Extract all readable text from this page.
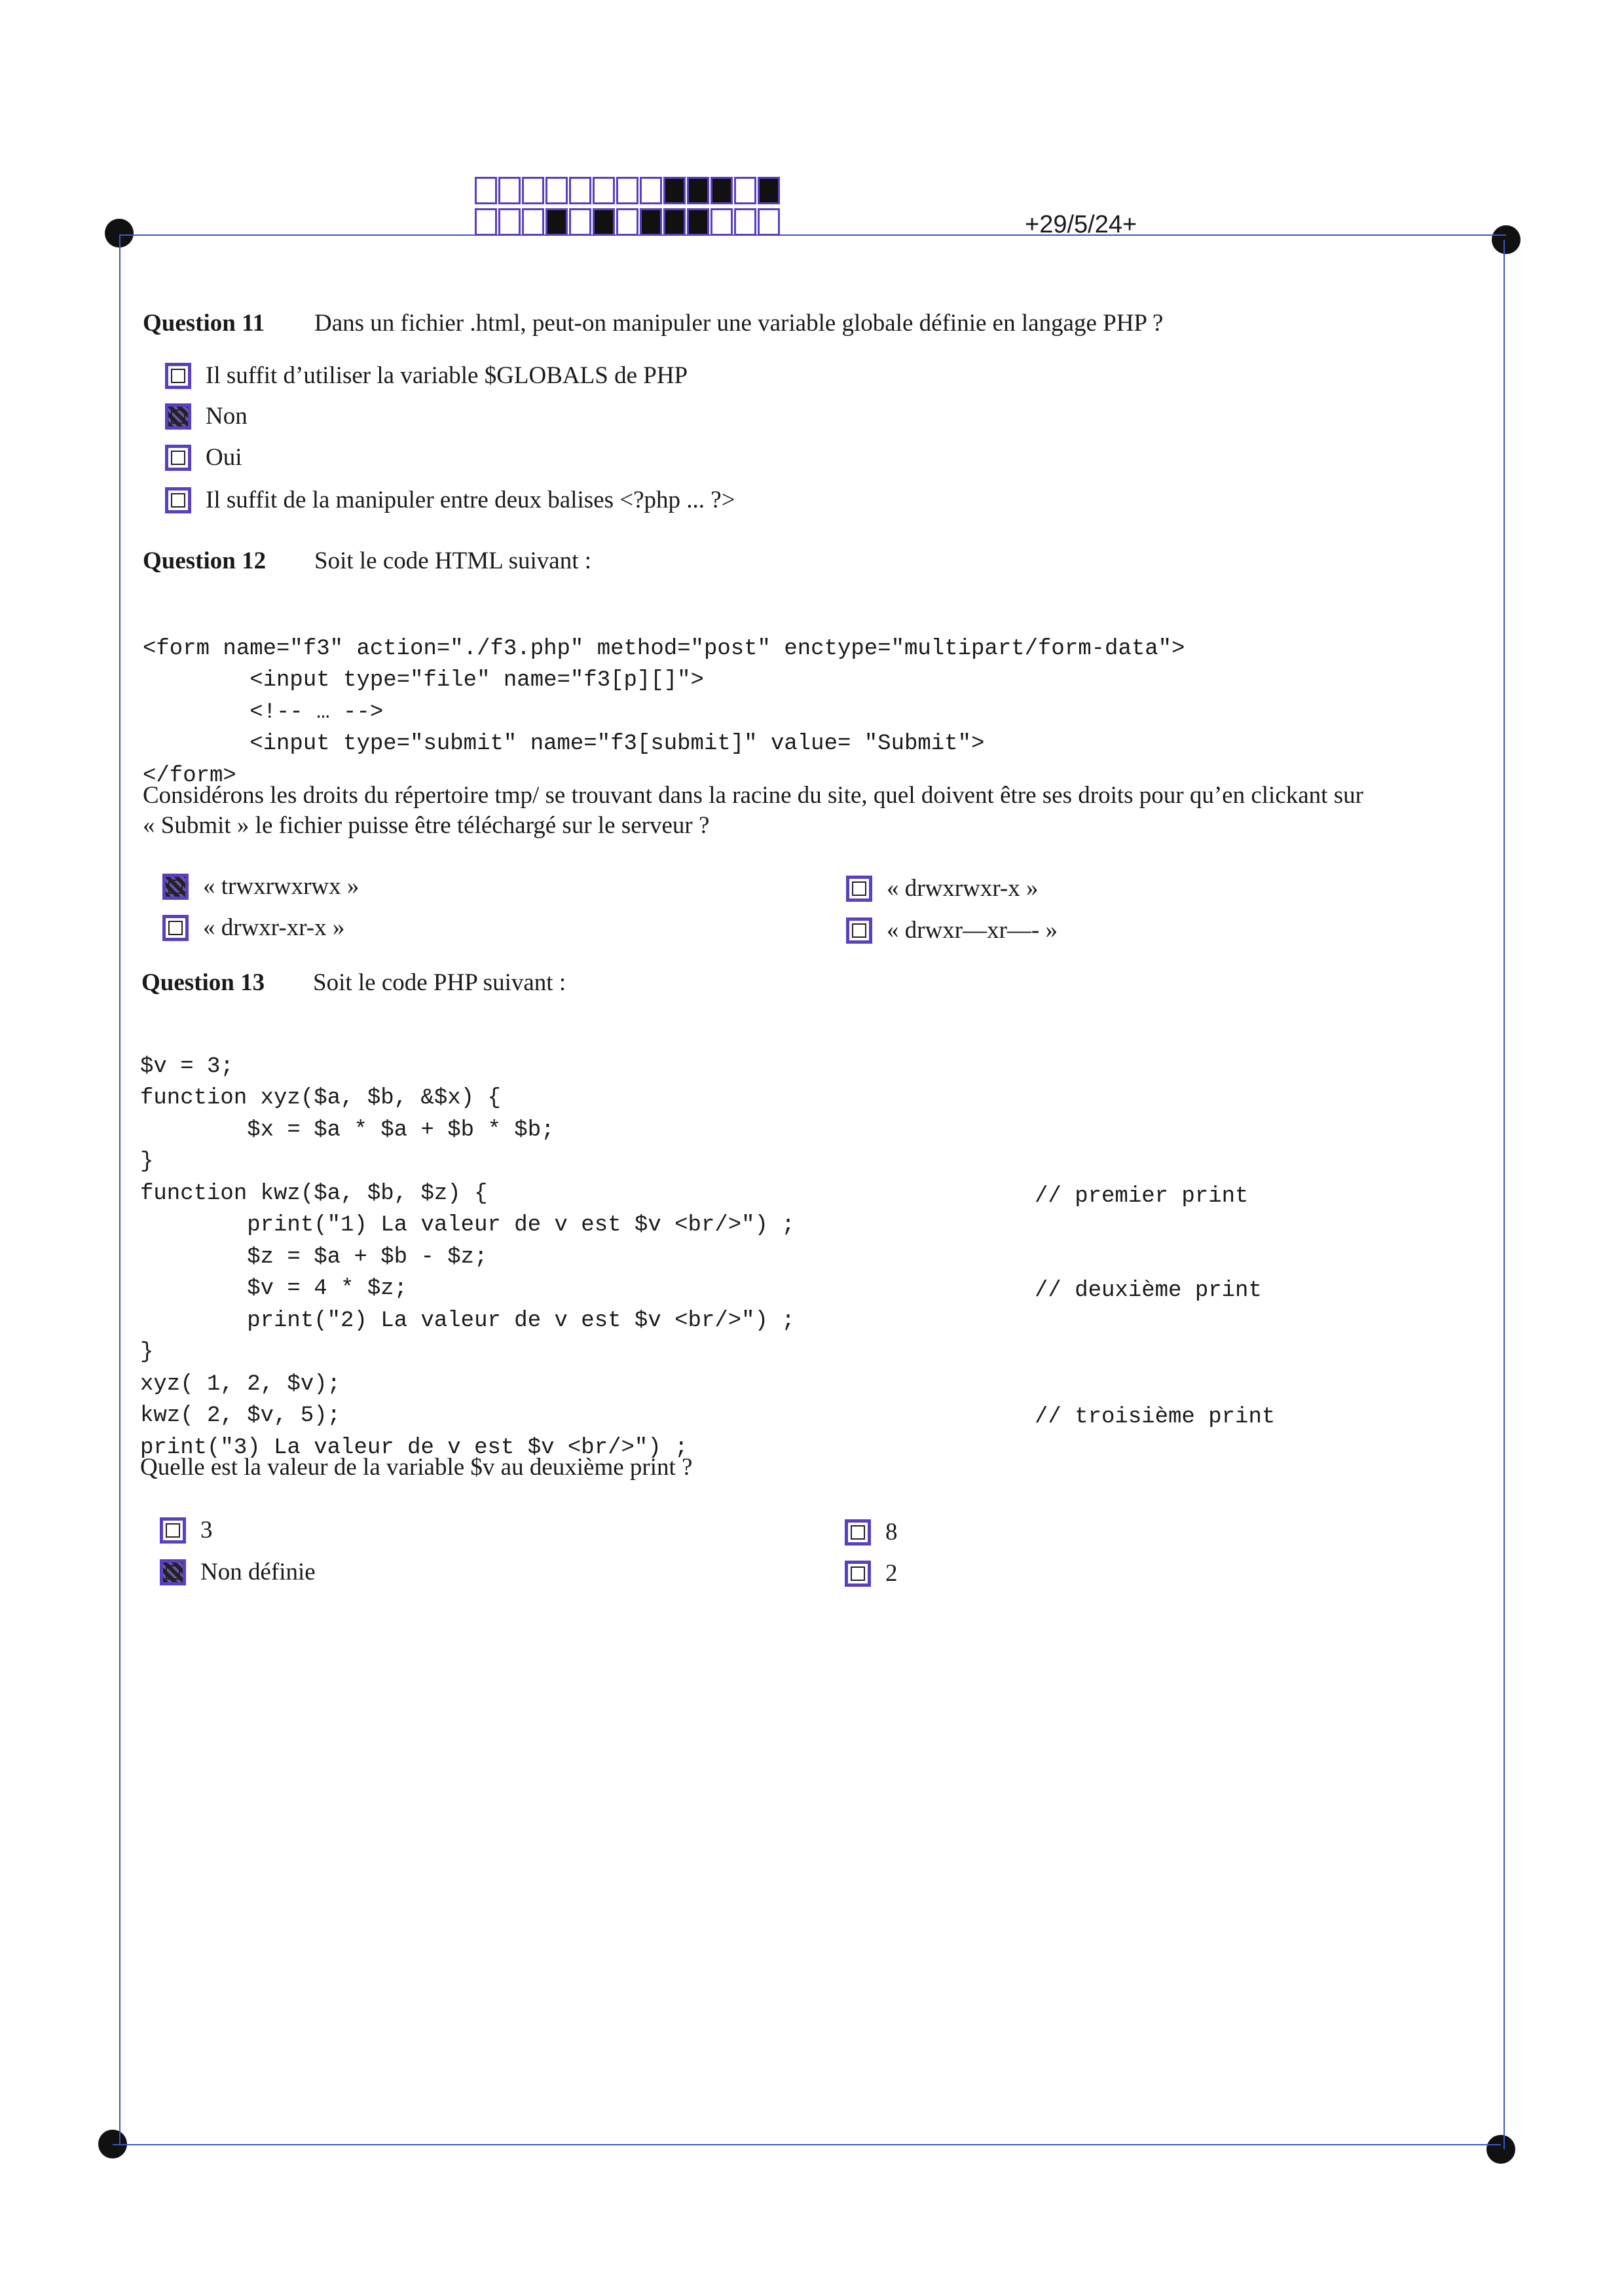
+29/5/24+
Question 11 Dans un fichier .html, peut-on manipuler une variable globale définie en langage PHP ?
Il suffit d’utiliser la variable $GLOBALS de PHP
Non
Oui
Il suffit de la manipuler entre deux balises <?php ... ?>
Question 12 Soit le code HTML suivant :

<form name="f3" action="./f3.php" method="post" enctype="multipart/form-data">
<input type="file" name="f3[p][]">
<!-- … -->
<input type="submit" name="f3[submit]" value= "Submit">
</form>

Considérons les droits du répertoire tmp/ se trouvant dans la racine du site, quel doivent être ses droits pour qu’en clickant sur
« Submit » le fichier puisse être téléchargé sur le serveur ?
« trwxrwxrwx »
« drwxr-xr-x »
« drwxrwxr-x »
« drwxr—xr—- »
Question 13 Soit le code PHP suivant :

$v = 3;
function xyz($a, $b, &$x) {
$x = $a * $a + $b * $b;
}
function kwz($a, $b, $z) {
print("1) La valeur de v est $v <br/>") ;
$z = $a + $b - $z;
$v = 4 * $z;
print("2) La valeur de v est $v <br/>") ;
}
xyz( 1, 2, $v);
kwz( 2, $v, 5);
print("3) La valeur de v est $v <br/>") ;

// premier print
// deuxième print
// troisième print
Quelle est la valeur de la variable $v au deuxième print ?
3
Non définie
8
2
